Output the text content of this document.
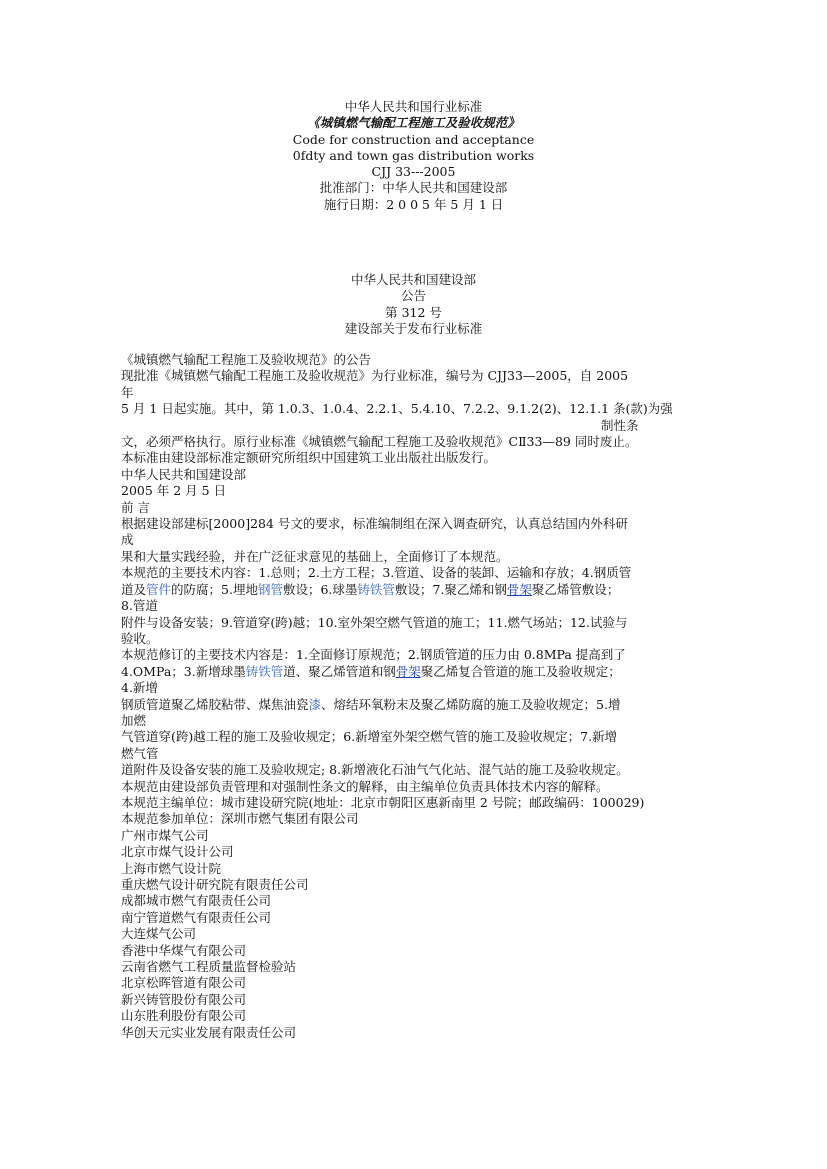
中华人民共和国行业标准
《城镇燃气输配工程施工及验收规范》
Code for construction and acceptance
0fdty and town gas distribution works
CJJ 33---2005
批准部门：中华人民共和国建设部
施行日期：2 0 0 5 年 5 月 1 日
中华人民共和国建设部
公告
第 312 号
建设部关于发布行业标准
《城镇燃气输配工程施工及验收规范》的公告
现批准《城镇燃气输配工程施工及验收规范》为行业标准，编号为 CJJ33—2005，自 2005
年
5 月 1 日起实施。其中，第 1.0.3、1.0.4、2.2.1、5.4.10、7.2.2、9.1.2(2)、12.1.1 条(款)为强
制性条
文，必须严格执行。原行业标准《城镇燃气输配工程施工及验收规范》CⅡ33—89 同时废止。
本标准由建设部标准定额研究所组织中国建筑工业出版社出版发行。
中华人民共和国建设部
2005 年 2 月 5 日
前 言
根据建设部建标[2000]284 号文的要求，标准编制组在深入调查研究，认真总结国内外科研
成
果和大量实践经验，并在广泛征求意见的基础上，全面修订了本规范。
本规范的主要技术内容：1.总则；2.土方工程；3.管道、设备的装卸、运输和存放；4.钢质管
道及管件的防腐；5.埋地钢管敷设；6.球墨铸铁管敷设；7.聚乙烯和钢骨架聚乙烯管敷设；
8.管道
附件与设备安装；9.管道穿(跨)越；10.室外架空燃气管道的施工；11.燃气场站；12.试验与
验收。
本规范修订的主要技术内容是：1.全面修订原规范；2.钢质管道的压力由 0.8MPa 提高到了
4.OMPa；3.新增球墨铸铁管道、聚乙烯管道和钢骨架聚乙烯复合管道的施工及验收规定；
4.新增
钢质管道聚乙烯胶粘带、煤焦油瓷漆、熔结环氧粉末及聚乙烯防腐的施工及验收规定；5.增
加燃
气管道穿(跨)越工程的施工及验收规定；6.新增室外架空燃气管的施工及验收规定；7.新增
燃气管
道附件及设备安装的施工及验收规定; 8.新增液化石油气气化站、混气站的施工及验收规定。
本规范由建设部负责管理和对强制性条文的解释，由主编单位负责具体技术内容的解释。
本规范主编单位：城市建设研究院(地址：北京市朝阳区惠新南里 2 号院；邮政编码：100029)
本规范参加单位：深圳市燃气集团有限公司
广州市煤气公司
北京市煤气设计公司
上海市燃气设计院
重庆燃气设计研究院有限责任公司
成都城市燃气有限责任公司
南宁管道燃气有限责任公司
大连煤气公司
香港中华煤气有限公司
云南省燃气工程质量监督检验站
北京松晖管道有限公司
新兴铸管股份有限公司
山东胜利股份有限公司
华创天元实业发展有限责任公司
